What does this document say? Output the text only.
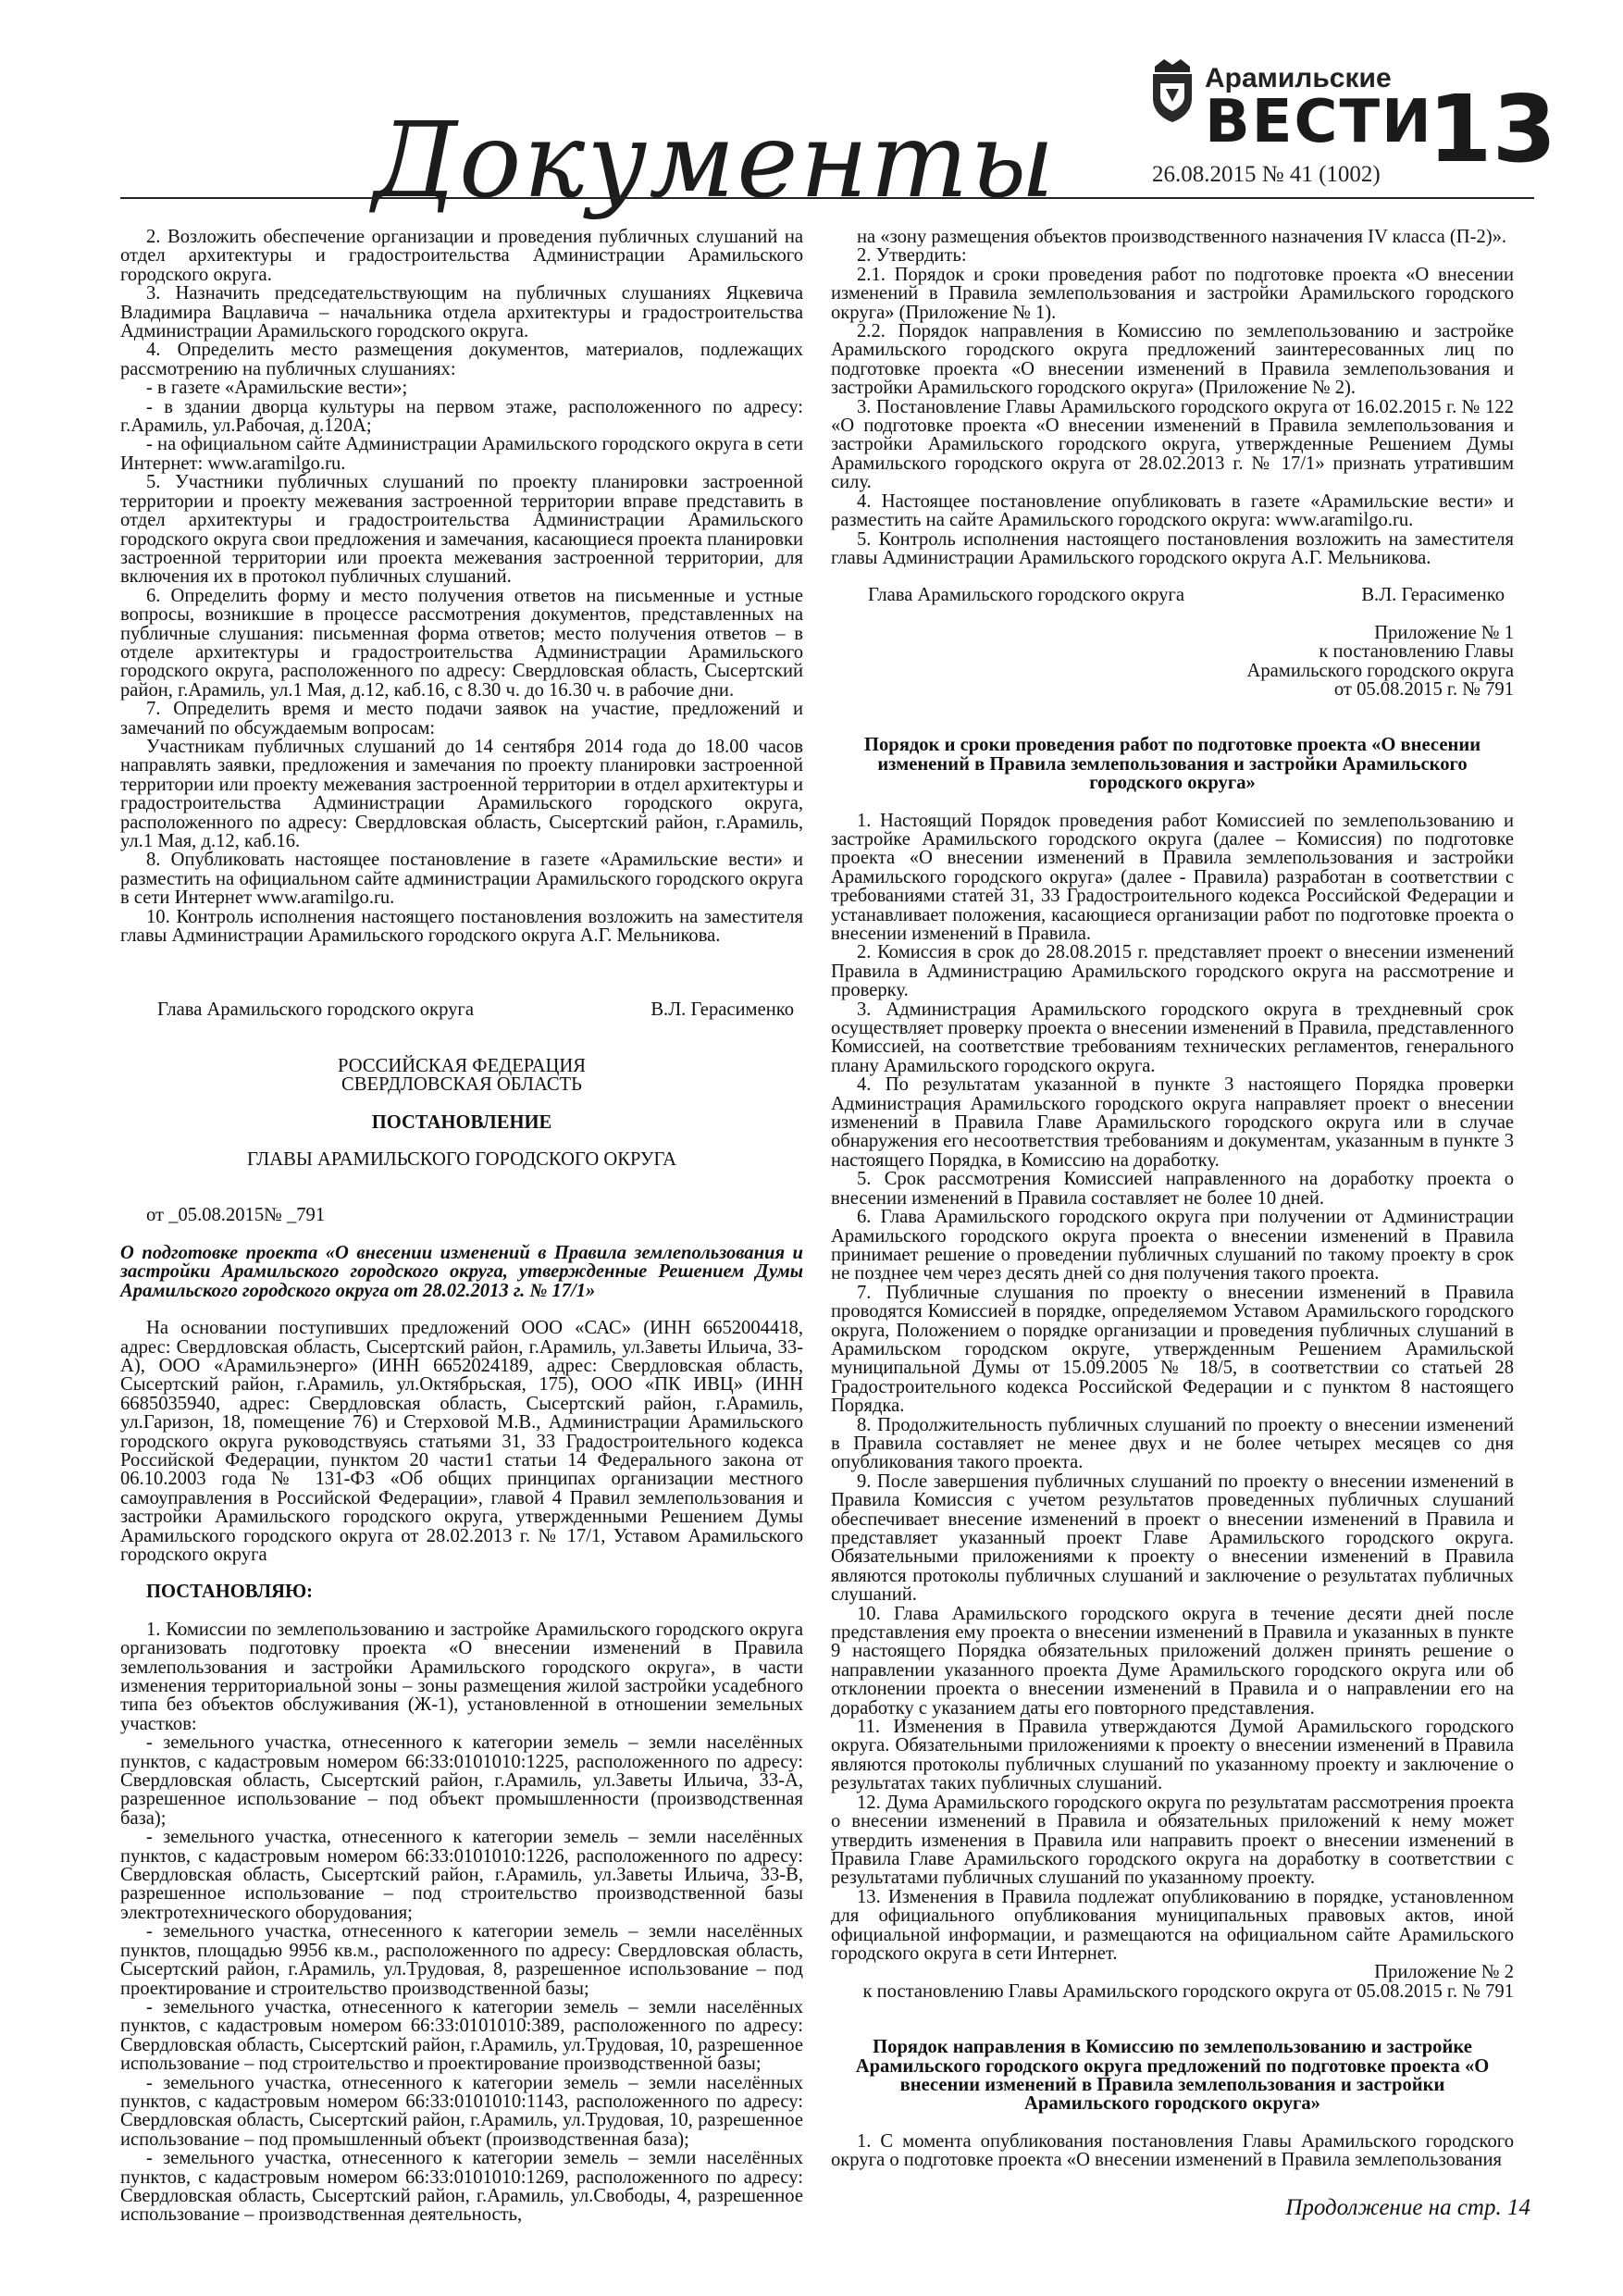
Документы
Арамильские
ВЕСТИ
26.08.2015 № 41 (1002) 13

2. Возложить обеспечение организации и проведения публичных слушаний на отдел архитектуры и градостроительства Администрации Арамильского городского округа.

3. Назначить председательствующим на публичных слушаниях Яцкевича Владимира Вацлавича – начальника отдела архитектуры и градостроительства Администрации Арамильского городского округа.

4. Определить место размещения документов, материалов, подлежащих рассмотрению на публичных слушаниях:

- в газете «Арамильские вести»;

- в здании дворца культуры на первом этаже, расположенного по адресу: г.Арамиль, ул.Рабочая, д.120А;

- на официальном сайте Администрации Арамильского городского округа в сети Интернет: www.aramilgo.ru.

5. Участники публичных слушаний по проекту планировки застроенной территории и проекту межевания застроенной территории вправе представить в отдел архитектуры и градостроительства Администрации Арамильского городского округа свои предложения и замечания, касающиеся проекта планировки застроенной территории или проекта межевания застроенной территории, для включения их в протокол публичных слушаний.

6. Определить форму и место получения ответов на письменные и устные вопросы, возникшие в процессе рассмотрения документов, представленных на публичные слушания: письменная форма ответов; место получения ответов – в отделе архитектуры и градостроительства Администрации Арамильского городского округа, расположенного по адресу: Свердловская область, Сысертский район, г.Арамиль, ул.1 Мая, д.12, каб.16, с 8.30 ч. до 16.30 ч. в рабочие дни.

7. Определить время и место подачи заявок на участие, предложений и замечаний по обсуждаемым вопросам:

Участникам публичных слушаний до 14 сентября 2014 года до 18.00 часов направлять заявки, предложения и замечания по проекту планировки застроенной территории или проекту межевания застроенной территории в отдел архитектуры и градостроительства Администрации Арамильского городского округа, расположенного по адресу: Свердловская область, Сысертский район, г.Арамиль, ул.1 Мая, д.12, каб.16.

8. Опубликовать настоящее постановление в газете «Арамильские вести» и разместить на официальном сайте администрации Арамильского городского округа в сети Интернет www.aramilgo.ru.

10. Контроль исполнения настоящего постановления возложить на заместителя главы Администрации Арамильского городского округа А.Г. Мельникова.

Глава Арамильского городского округа	В.Л. Герасименко

РОССИЙСКАЯ ФЕДЕРАЦИЯ

СВЕРДЛОВСКАЯ ОБЛАСТЬ

ПОСТАНОВЛЕНИЕ

ГЛАВЫ АРАМИЛЬСКОГО ГОРОДСКОГО ОКРУГА

от _05.08.2015№ _791

О подготовке проекта «О внесении изменений в Правила землепользования и застройки Арамильского городского округа, утвержденные Решением Думы Арамильского городского округа от 28.02.2013 г. № 17/1»

На основании поступивших предложений ООО «САС» (ИНН 6652004418, адрес: Свердловская область, Сысертский район, г.Арамиль, ул.Заветы Ильича, 33-А), ООО «Арамильэнерго» (ИНН 6652024189, адрес: Свердловская область, Сысертский район, г.Арамиль, ул.Октябрьская, 175), ООО «ПК ИВЦ» (ИНН 6685035940, адрес: Свердловская область, Сысертский район, г.Арамиль, ул.Гаризон, 18, помещение 76) и Стерховой М.В., Администрации Арамильского городского округа руководствуясь статьями 31, 33 Градостроительного кодекса Российской Федерации, пунктом 20 части1 статьи 14 Федерального закона от 06.10.2003 года № 131-ФЗ «Об общих принципах организации местного самоуправления в Российской Федерации», главой 4 Правил землепользования и застройки Арамильского городского округа, утвержденными Решением Думы Арамильского городского округа от 28.02.2013 г. № 17/1, Уставом Арамильского городского округа

ПОСТАНОВЛЯЮ:

1. Комиссии по землепользованию и застройке Арамильского городского округа организовать подготовку проекта «О внесении изменений в Правила землепользования и застройки Арамильского городского округа», в части изменения территориальной зоны – зоны размещения жилой застройки усадебного типа без объектов обслуживания (Ж-1), установленной в отношении земельных участков:

- земельного участка, отнесенного к категории земель – земли населённых пунктов, с кадастровым номером 66:33:0101010:1225, расположенного по адресу: Свердловская область, Сысертский район, г.Арамиль, ул.Заветы Ильича, 33-А, разрешенное использование – под объект промышленности (производственная база);

- земельного участка, отнесенного к категории земель – земли населённых пунктов, с кадастровым номером 66:33:0101010:1226, расположенного по адресу: Свердловская область, Сысертский район, г.Арамиль, ул.Заветы Ильича, 33-В, разрешенное использование – под строительство производственной базы электротехнического оборудования;

- земельного участка, отнесенного к категории земель – земли населённых пунктов, площадью 9956 кв.м., расположенного по адресу: Свердловская область, Сысертский район, г.Арамиль, ул.Трудовая, 8, разрешенное использование – под проектирование и строительство производственной базы;

- земельного участка, отнесенного к категории земель – земли населённых пунктов, с кадастровым номером 66:33:0101010:389, расположенного по адресу: Свердловская область, Сысертский район, г.Арамиль, ул.Трудовая, 10, разрешенное использование – под строительство и проектирование производственной базы;

- земельного участка, отнесенного к категории земель – земли населённых пунктов, с кадастровым номером 66:33:0101010:1143, расположенного по адресу: Свердловская область, Сысертский район, г.Арамиль, ул.Трудовая, 10, разрешенное использование – под промышленный объект (производственная база);

- земельного участка, отнесенного к категории земель – земли населённых пунктов, с кадастровым номером 66:33:0101010:1269, расположенного по адресу: Свердловская область, Сысертский район, г.Арамиль, ул.Свободы, 4, разрешенное использование – производственная деятельность,

на «зону размещения объектов производственного назначения IV класса (П-2)».

2. Утвердить:

2.1. Порядок и сроки проведения работ по подготовке проекта «О внесении изменений в Правила землепользования и застройки Арамильского городского округа» (Приложение № 1).

2.2. Порядок направления в Комиссию по землепользованию и застройке Арамильского городского округа предложений заинтересованных лиц по подготовке проекта «О внесении изменений в Правила землепользования и застройки Арамильского городского округа» (Приложение № 2).

3. Постановление Главы Арамильского городского округа от 16.02.2015 г. № 122 «О подготовке проекта «О внесении изменений в Правила землепользования и застройки Арамильского городского округа, утвержденные Решением Думы Арамильского городского округа от 28.02.2013 г. № 17/1» признать утратившим силу.

4. Настоящее постановление опубликовать в газете «Арамильские вести» и разместить на сайте Арамильского городского округа: www.aramilgo.ru.

5. Контроль исполнения настоящего постановления возложить на заместителя главы Администрации Арамильского городского округа А.Г. Мельникова.

Глава Арамильского городского округа	В.Л. Герасименко

Приложение № 1

к постановлению Главы

Арамильского городского округа

от 05.08.2015 г. № 791

Порядок и сроки проведения работ по подготовке проекта «О внесении изменений в Правила землепользования и застройки Арамильского городского округа»

1. Настоящий Порядок проведения работ Комиссией по землепользованию и застройке Арамильского городского округа (далее – Комиссия) по подготовке проекта «О внесении изменений в Правила землепользования и застройки Арамильского городского округа» (далее - Правила) разработан в соответствии с требованиями статей 31, 33 Градостроительного кодекса Российской Федерации и устанавливает положения, касающиеся организации работ по подготовке проекта о внесении изменений в Правила.

2. Комиссия в срок до 28.08.2015 г. представляет проект о внесении изменений Правила в Администрацию Арамильского городского округа на рассмотрение и проверку.

3. Администрация Арамильского городского округа в трехдневный срок осуществляет проверку проекта о внесении изменений в Правила, представленного Комиссией, на соответствие требованиям технических регламентов, генерального плану Арамильского городского округа.

4. По результатам указанной в пункте 3 настоящего Порядка проверки Администрация Арамильского городского округа направляет проект о внесении изменений в Правила Главе Арамильского городского округа или в случае обнаружения его несоответствия требованиям и документам, указанным в пункте 3 настоящего Порядка, в Комиссию на доработку.

5. Срок рассмотрения Комиссией направленного на доработку проекта о внесении изменений в Правила составляет не более 10 дней.

6. Глава Арамильского городского округа при получении от Администрации Арамильского городского округа проекта о внесении изменений в Правила принимает решение о проведении публичных слушаний по такому проекту в срок не позднее чем через десять дней со дня получения такого проекта.

7. Публичные слушания по проекту о внесении изменений в Правила проводятся Комиссией в порядке, определяемом Уставом Арамильского городского округа, Положением о порядке организации и проведения публичных слушаний в Арамильском городском округе, утвержденным Решением Арамильской муниципальной Думы от 15.09.2005 № 18/5, в соответствии со статьей 28 Градостроительного кодекса Российской Федерации и с пунктом 8 настоящего Порядка.

8. Продолжительность публичных слушаний по проекту о внесении изменений в Правила составляет не менее двух и не более четырех месяцев со дня опубликования такого проекта.

9. После завершения публичных слушаний по проекту о внесении изменений в Правила Комиссия с учетом результатов проведенных публичных слушаний обеспечивает внесение изменений в проект о внесении изменений в Правила и представляет указанный проект Главе Арамильского городского округа. Обязательными приложениями к проекту о внесении изменений в Правила являются протоколы публичных слушаний и заключение о результатах публичных слушаний.

10. Глава Арамильского городского округа в течение десяти дней после представления ему проекта о внесении изменений в Правила и указанных в пункте 9 настоящего Порядка обязательных приложений должен принять решение о направлении указанного проекта Думе Арамильского городского округа или об отклонении проекта о внесении изменений в Правила и о направлении его на доработку с указанием даты его повторного представления.

11. Изменения в Правила утверждаются Думой Арамильского городского округа. Обязательными приложениями к проекту о внесении изменений в Правила являются протоколы публичных слушаний по указанному проекту и заключение о результатах таких публичных слушаний.

12. Дума Арамильского городского округа по результатам рассмотрения проекта о внесении изменений в Правила и обязательных приложений к нему может утвердить изменения в Правила или направить проект о внесении изменений в Правила Главе Арамильского городского округа на доработку в соответствии с результатами публичных слушаний по указанному проекту.

13. Изменения в Правила подлежат опубликованию в порядке, установленном для официального опубликования муниципальных правовых актов, иной официальной информации, и размещаются на официальном сайте Арамильского городского округа в сети Интернет.

Приложение № 2

к постановлению Главы Арамильского городского округа от 05.08.2015 г. № 791

Порядок направления в Комиссию по землепользованию и застройке Арамильского городского округа предложений по подготовке проекта «О внесении изменений в Правила землепользования и застройки Арамильского городского округа»

1. С момента опубликования постановления Главы Арамильского городского округа о подготовке проекта «О внесении изменений в Правила землепользования

Продолжение на стр. 14
